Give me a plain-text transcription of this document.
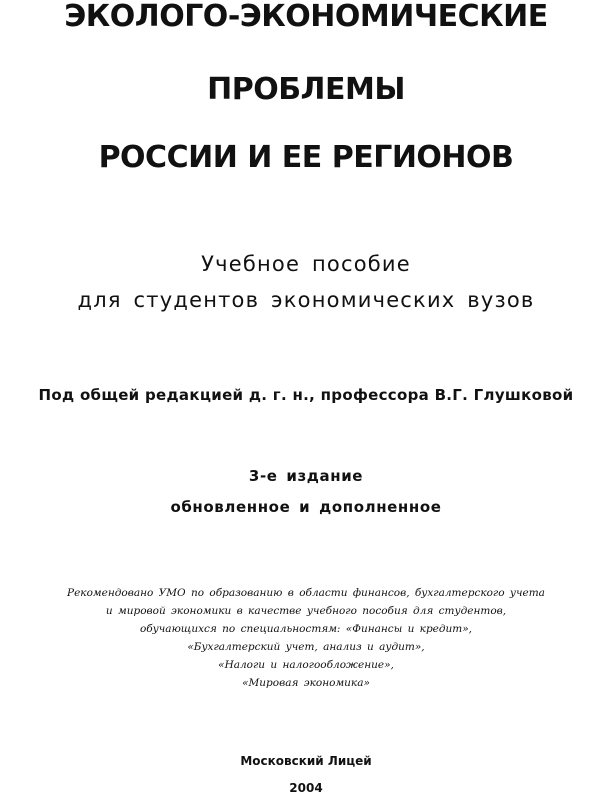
ЭКОЛОГО-ЭКОНОМИЧЕСКИЕ
ПРОБЛЕМЫ
РОССИИ И ЕЕ РЕГИОНОВ
Учебное пособие
для студентов экономических вузов
Под общей редакцией д. г. н., профессора В.Г. Глушковой
3-е издание
обновленное и дополненное
Рекомендовано УМО по образованию в области финансов, бухгалтерского учета
и мировой экономики в качестве учебного пособия для студентов,
обучающихся по специальностям: «Финансы и кредит»,
«Бухгалтерский учет, анализ и аудит»,
«Налоги и налогообложение»,
«Мировая экономика»
Московский Лицей
2004
